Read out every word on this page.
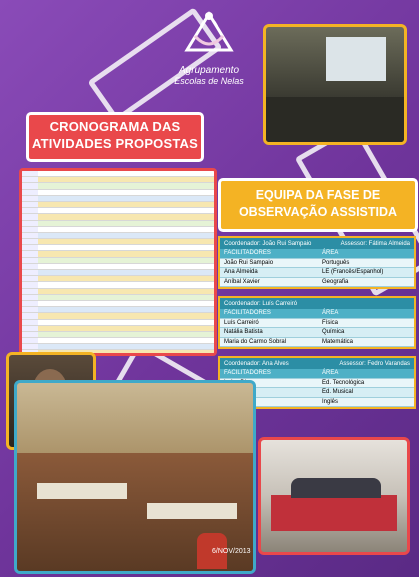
Agrupamento
Escolas de Nelas
CRONOGRAMA DAS
ATIVIDADES PROPOSTAS
EQUIPA DA FASE DE
OBSERVAÇÃO ASSISTIDA
Coordenador: João Rui Sampaio	Assessor: Fátima Almeida
FACILITADORES	ÁREA
João Rui Sampaio	Português
Ana Almeida	LE (Francês/Espanhol)
Aníbal Xavier	Geografia
Coordenador: Luís Carreiró
FACILITADORES	ÁREA
Luís Carreiró	Física
Natália Batista	Química
Maria do Carmo Sobral	Matemática
Coordenador: Ana Alves	Assessor: Fedro Varandas
FACILITADORES	ÁREA
Ed. Tecnológica
Ed. Musical
Inglês
6/NOV/2013
